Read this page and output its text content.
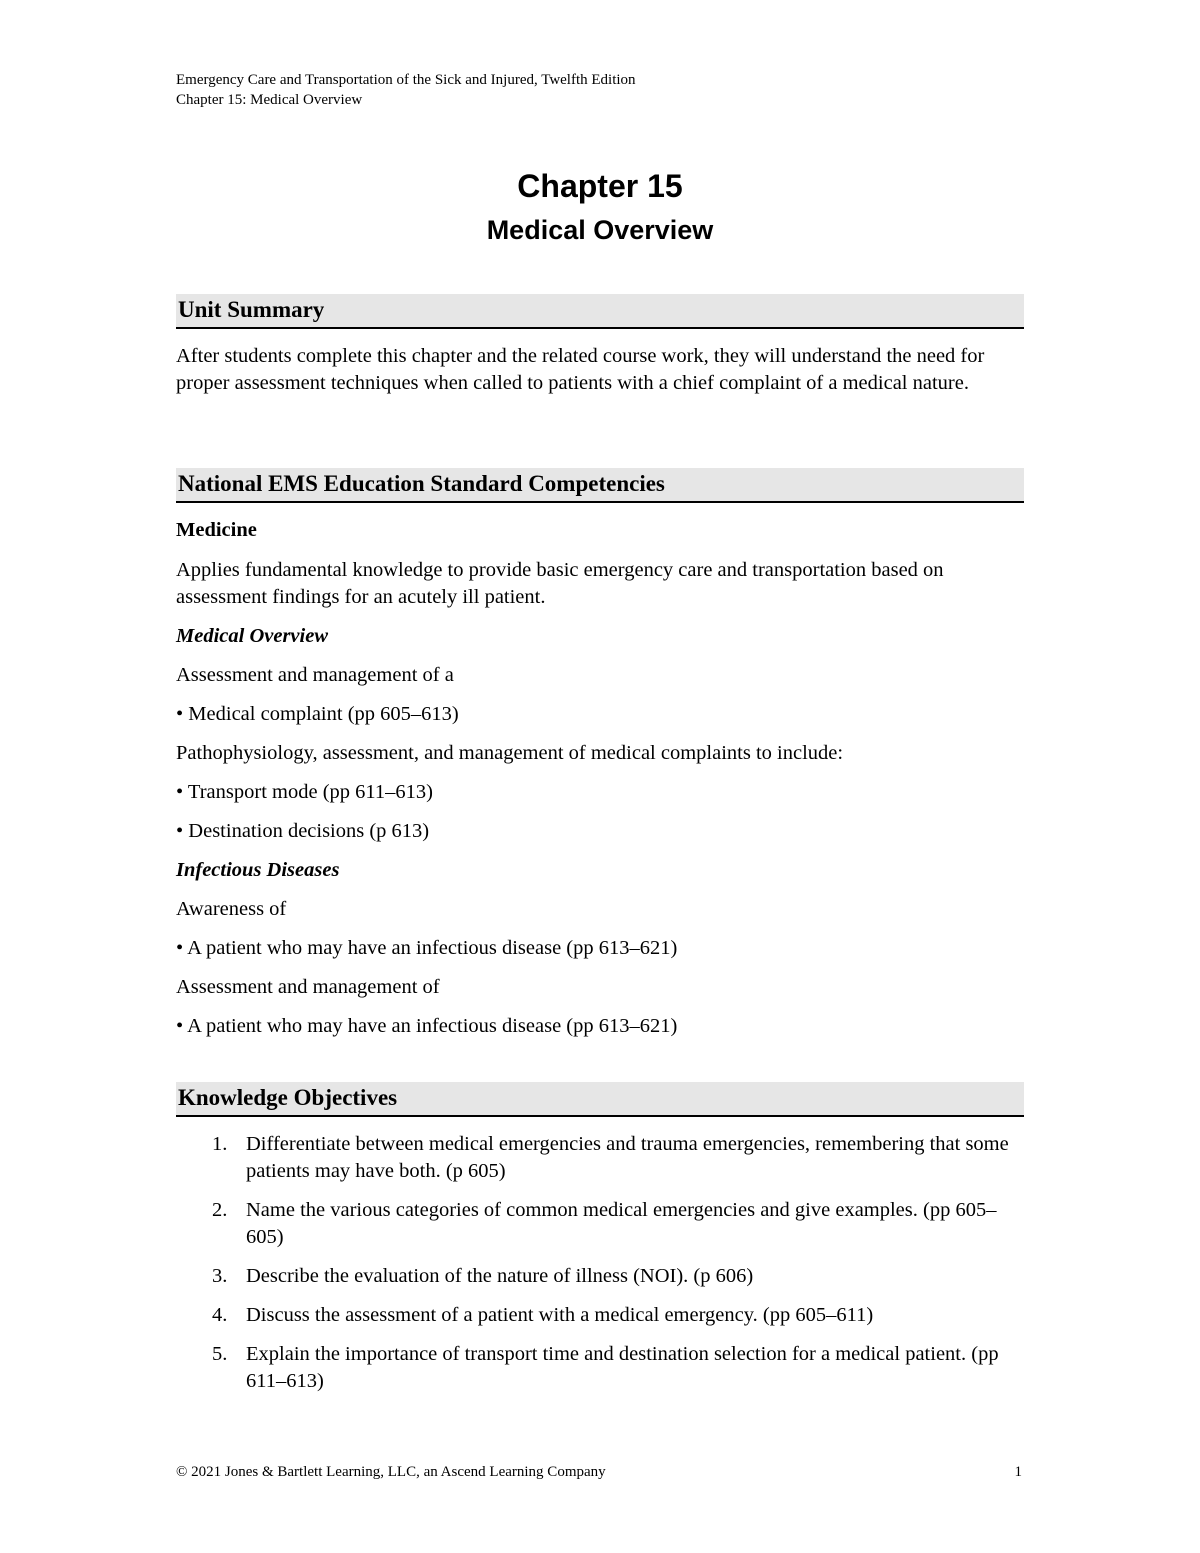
Emergency Care and Transportation of the Sick and Injured, Twelfth Edition
Chapter 15: Medical Overview
Chapter 15
Medical Overview
Unit Summary

After students complete this chapter and the related course work, they will understand the need for proper assessment techniques when called to patients with a chief complaint of a medical nature.

National EMS Education Standard Competencies

Medicine

Applies fundamental knowledge to provide basic emergency care and transportation based on assessment findings for an acutely ill patient.

Medical Overview

Assessment and management of a

• Medical complaint (pp 605–613)

Pathophysiology, assessment, and management of medical complaints to include:

• Transport mode (pp 611–613)

• Destination decisions (p 613)

Infectious Diseases

Awareness of

• A patient who may have an infectious disease (pp 613–621)

Assessment and management of

• A patient who may have an infectious disease (pp 613–621)

Knowledge Objectives
1. Differentiate between medical emergencies and trauma emergencies, remembering that some patients may have both. (p 605)
2. Name the various categories of common medical emergencies and give examples. (pp 605–605)
3. Describe the evaluation of the nature of illness (NOI). (p 606)
4. Discuss the assessment of a patient with a medical emergency. (pp 605–611)
5. Explain the importance of transport time and destination selection for a medical patient. (pp 611–613)
© 2021 Jones & Bartlett Learning, LLC, an Ascend Learning Company	1
